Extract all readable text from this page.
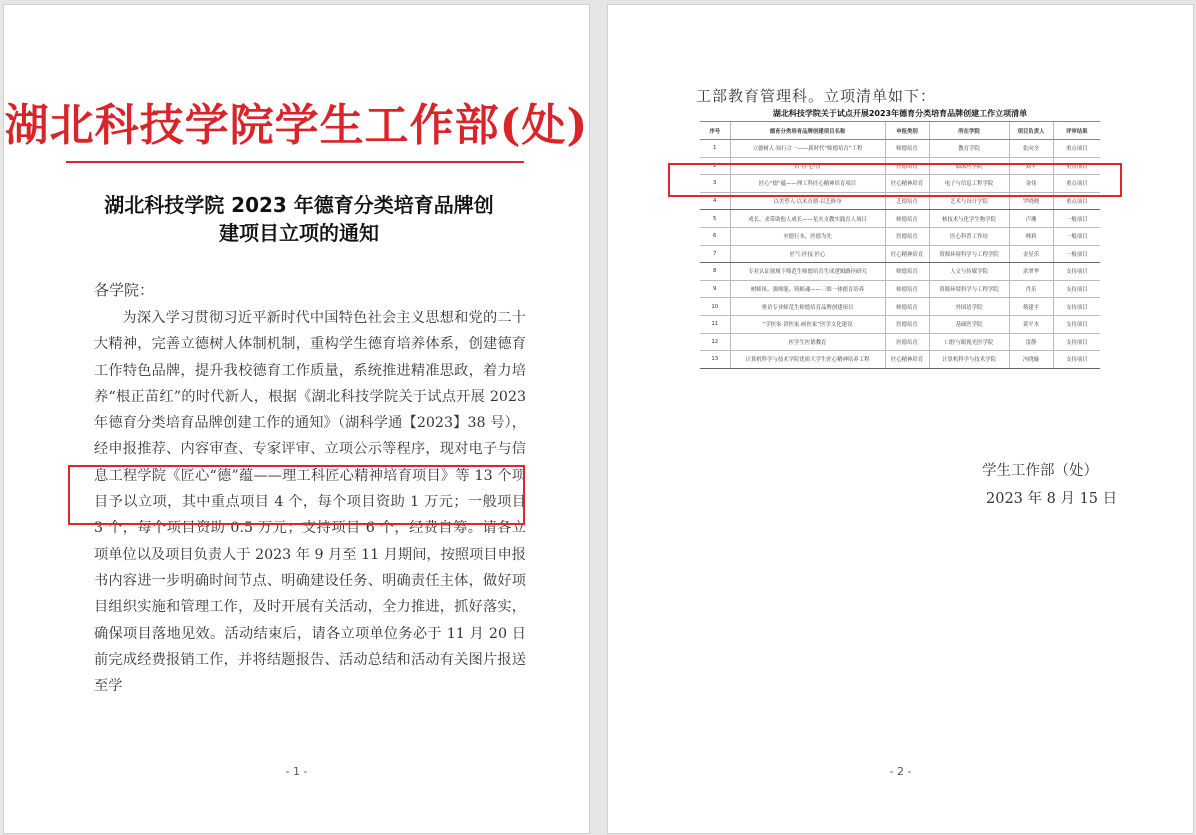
湖北科技学院学生工作部(处)
湖北科技学院 2023 年德育分类培育品牌创
建项目立项的通知
各学院：
为深入学习贯彻习近平新时代中国特色社会主义思想和党的二十大精神，完善立德树人体制机制，重构学生德育培养体系，创建德育工作特色品牌，提升我校德育工作质量，系统推进精准思政，着力培养“根正苗红”的时代新人，根据《湖北科技学院关于试点开展 2023 年德育分类培育品牌创建工作的通知》（湖科学通【2023】38 号），经申报推荐、内容审查、专家评审、立项公示等程序，现对电子与信息工程学院《匠心“德”蕴——理工科匠心精神培育项目》等 13 个项目予以立项，其中重点项目 4 个，每个项目资助 1 万元；一般项目 3 个，每个项目资助 0.5 万元；支持项目 6 个，经费自筹。请各立项单位以及项目负责人于 2023 年 9 月至 11 月期间，按照项目申报书内容进一步明确时间节点、明确建设任务、明确责任主体，做好项目组织实施和管理工作，及时开展有关活动，全力推进，抓好落实，确保项目落地见效。活动结束后，请各立项单位务必于 11 月 20 日前完成经费报销工作，并将结题报告、活动总结和活动有关图片报送至学
- 1 -
工部教育管理科。立项清单如下：
湖北科技学院关于试点开展2023年德育分类培育品牌创建工作立项清单
序号	德育分类培育品牌创建项目名称	申报类别	所在学院	项目负责人	评审结果
1	立德树人·知行合一——新时代“师德培育”工程	师德培育	教育学院	张向全	重点项目
2	岩·育·心·育	医德培育	临床医学院	刘平	重点项目
3	匠心“德”蕴——理工科匠心精神培育项目	匠心精神培育	电子与信息工程学院	金伟	重点项目
4	以美塑人·以术育德·以艺修身	艺德培育	艺术与设计学院	罗晓晓	重点项目
5	成长、求带助他人成长——星火支教实践育人项目	师德培育	核技术与化学生物学院	卢珊	一般项目
6	至德行本，医德为先	医德培育	医心科普工作坊	林莉	一般项目
7	匠气·匠技·匠心	匠心精神培育	资源环境科学与工程学院	金星乐	一般项目
8	专业认证视域下师范生师德培育生成逻辑路径研究	师德培育	人文与传媒学院	余翠华	支持项目
9	树师风、强师能、铸师魂——三维一体德育培养	师德培育	资源环境科学与工程学院	肖乐	支持项目
10	奥语专业师范生师德培育品牌创建项目	师德培育	外国语学院	蔡建平	支持项目
11	“学医家·讲医家·画医家”医学文化建设	医德培育	基础医学院	黄平水	支持项目
12	医学生医德教育	医德培育	口腔与眼视光医学院	雷静	支持项目
13	计算机科学与技术学院优质大学生匠心精神培养工程	匠心精神培育	计算机科学与技术学院	冯晓璇	支持项目
学生工作部（处）
2023 年 8 月 15 日
- 2 -
